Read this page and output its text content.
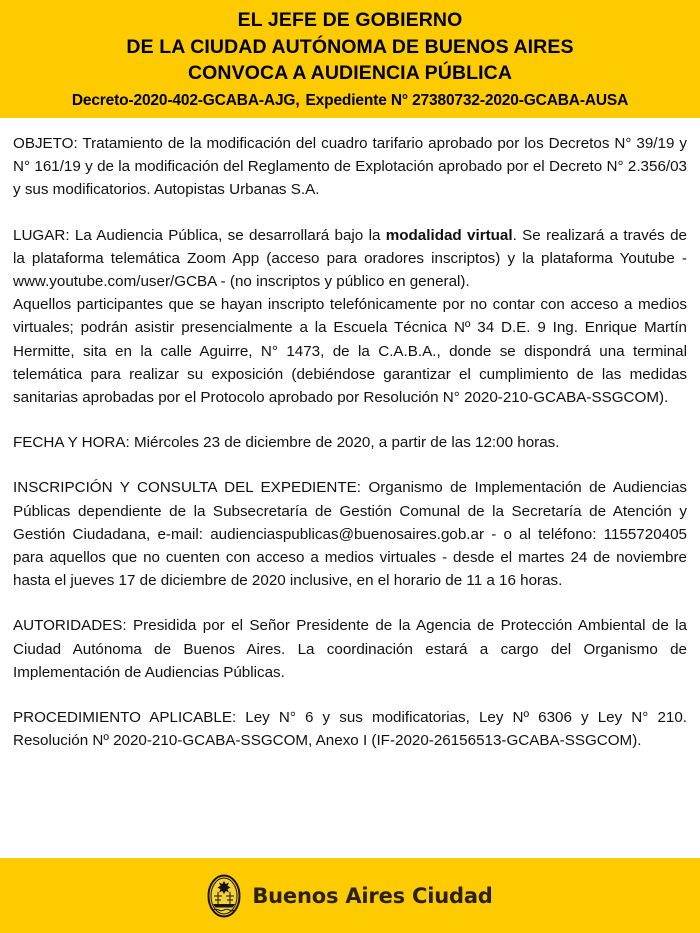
EL JEFE DE GOBIERNO
DE LA CIUDAD AUTÓNOMA DE BUENOS AIRES
CONVOCA A AUDIENCIA PÚBLICA
Decreto-2020-402-GCABA-AJG, Expediente N° 27380732-2020-GCABA-AUSA

OBJETO: Tratamiento de la modificación del cuadro tarifario aprobado por los Decretos N° 39/19 y N° 161/19 y de la modificación del Reglamento de Explotación aprobado por el Decreto N° 2.356/03 y sus modificatorios. Autopistas Urbanas S.A.

LUGAR: La Audiencia Pública, se desarrollará bajo la modalidad virtual. Se realizará a través de la plataforma telemática Zoom App (acceso para oradores inscriptos) y la plataforma Youtube - www.youtube.com/user/GCBA - (no inscriptos y público en general).

Aquellos participantes que se hayan inscripto telefónicamente por no contar con acceso a medios virtuales; podrán asistir presencialmente a la Escuela Técnica Nº 34 D.E. 9 Ing. Enrique Martín Hermitte, sita en la calle Aguirre, N° 1473, de la C.A.B.A., donde se dispondrá una terminal telemática para realizar su exposición (debiéndose garantizar el cumplimiento de las medidas sanitarias aprobadas por el Protocolo aprobado por Resolución N° 2020-210-GCABA-SSGCOM).

FECHA Y HORA: Miércoles 23 de diciembre de 2020, a partir de las 12:00 horas.

INSCRIPCIÓN Y CONSULTA DEL EXPEDIENTE: Organismo de Implementación de Audiencias Públicas dependiente de la Subsecretaría de Gestión Comunal de la Secretaría de Atención y Gestión Ciudadana, e-mail: audienciaspublicas@buenosaires.gob.ar - o al teléfono: 1155720405 para aquellos que no cuenten con acceso a medios virtuales - desde el martes 24 de noviembre hasta el jueves 17 de diciembre de 2020 inclusive, en el horario de 11 a 16 horas.

AUTORIDADES: Presidida por el Señor Presidente de la Agencia de Protección Ambiental de la Ciudad Autónoma de Buenos Aires. La coordinación estará a cargo del Organismo de Implementación de Audiencias Públicas.

PROCEDIMIENTO APLICABLE: Ley N° 6 y sus modificatorias, Ley Nº 6306 y Ley N° 210. Resolución Nº 2020-210-GCABA-SSGCOM, Anexo I (IF-2020-26156513-GCABA-SSGCOM).

Buenos Aires Ciudad
